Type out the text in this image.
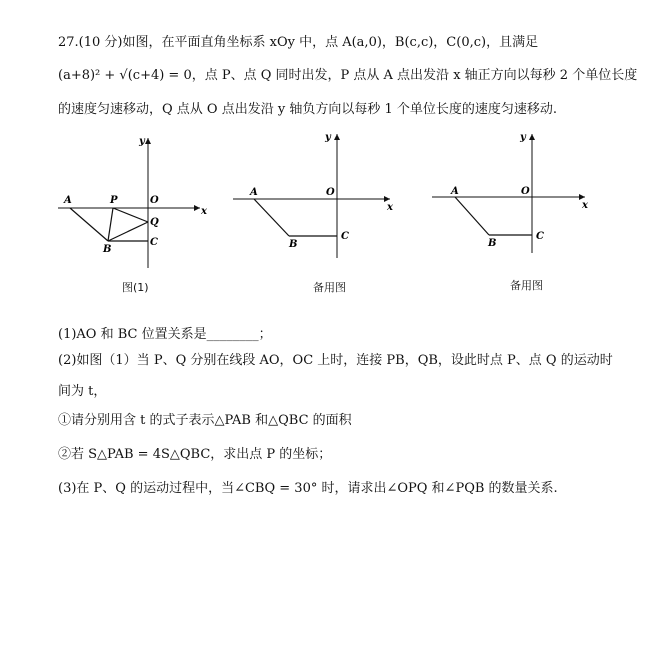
27.(10 分)如图，在平面直角坐标系 xOy 中，点 A(a,0)，B(c,c)，C(0,c)，且满足
(a+8)² + √(c+4) = 0，点 P、点 Q 同时出发，P 点从 A 点出发沿 x 轴正方向以每秒 2 个单位长度
的速度匀速移动，Q 点从 O 点出发沿 y 轴负方向以每秒 1 个单位长度的速度匀速移动.
y
x
A	P	O
Q
B
C
y
x
A	O
B
C
y
x
A	O
B
C
图(1)	备用图	备用图
(1)AO 和 BC 位置关系是________；
(2)如图（1）当 P、Q 分别在线段 AO，OC 上时，连接 PB，QB，设此时点 P、点 Q 的运动时
间为 t，
①请分别用含 t 的式子表示△PAB 和△QBC 的面积
②若 S△PAB = 4S△QBC，求出点 P 的坐标；
(3)在 P、Q 的运动过程中，当∠CBQ = 30° 时，请求出∠OPQ 和∠PQB 的数量关系.
